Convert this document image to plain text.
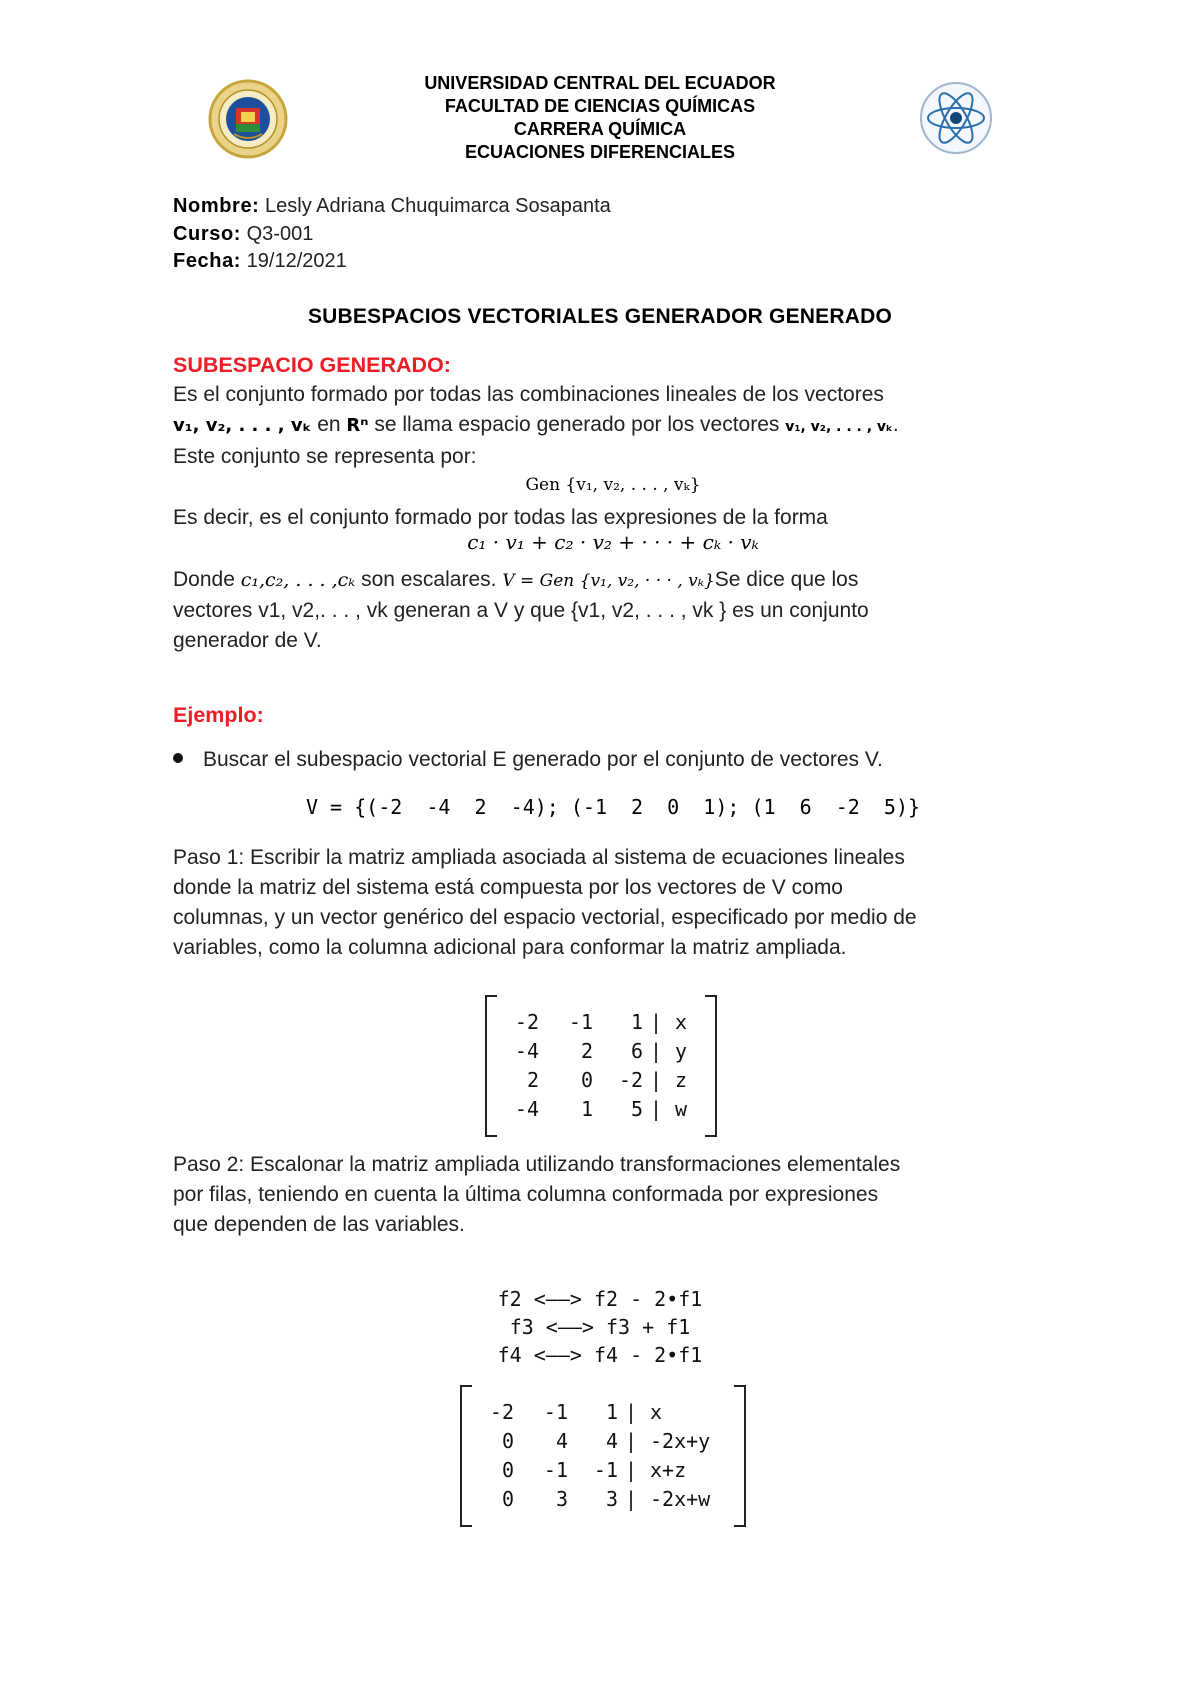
UNIVERSIDAD CENTRAL DEL ECUADOR
FACULTAD DE CIENCIAS QUÍMICAS
CARRERA QUÍMICA
ECUACIONES DIFERENCIALES
Nombre: Lesly Adriana Chuquimarca Sosapanta
Curso: Q3-001
Fecha: 19/12/2021
SUBESPACIOS VECTORIALES GENERADOR GENERADO
SUBESPACIO GENERADO:
Es el conjunto formado por todas las combinaciones lineales de los vectores
v₁, v₂, . . . , vₖ en Rⁿ se llama espacio generado por los vectores v₁, v₂, . . . , vₖ.
Este conjunto se representa por:
Gen {v₁, v₂, . . . , vₖ}
Es decir, es el conjunto formado por todas las expresiones de la forma
c₁ · v₁ + c₂ · v₂ + · · · + cₖ · vₖ
Donde c₁,c₂, . . . ,cₖ son escalares. V = Gen {v₁, v₂, · · · , vₖ}Se dice que los
vectores v1, v2,. . . , vk generan a V y que {v1, v2, . . . , vk } es un conjunto
generador de V.
Ejemplo:
Buscar el subespacio vectorial E generado por el conjunto de vectores V.
V = {(-2  -4  2  -4); (-1  2  0  1); (1  6  -2  5)}
Paso 1: Escribir la matriz ampliada asociada al sistema de ecuaciones lineales
donde la matriz del sistema está compuesta por los vectores de V como
columnas, y un vector genérico del espacio vectorial, especificado por medio de
variables, como la columna adicional para conformar la matriz ampliada.
-2	-1	1	|	x
-4	2	6	|	y
2	0	-2	|	z
-4	1	5	|	w
Paso 2: Escalonar la matriz ampliada utilizando transformaciones elementales
por filas, teniendo en cuenta la última columna conformada por expresiones
que dependen de las variables.
f2 <——> f2 - 2•f1
f3 <——> f3 + f1
f4 <——> f4 - 2•f1
-2	-1	1	|	x
0	4	4	|	-2x+y
0	-1	-1	|	x+z
0	3	3	|	-2x+w
